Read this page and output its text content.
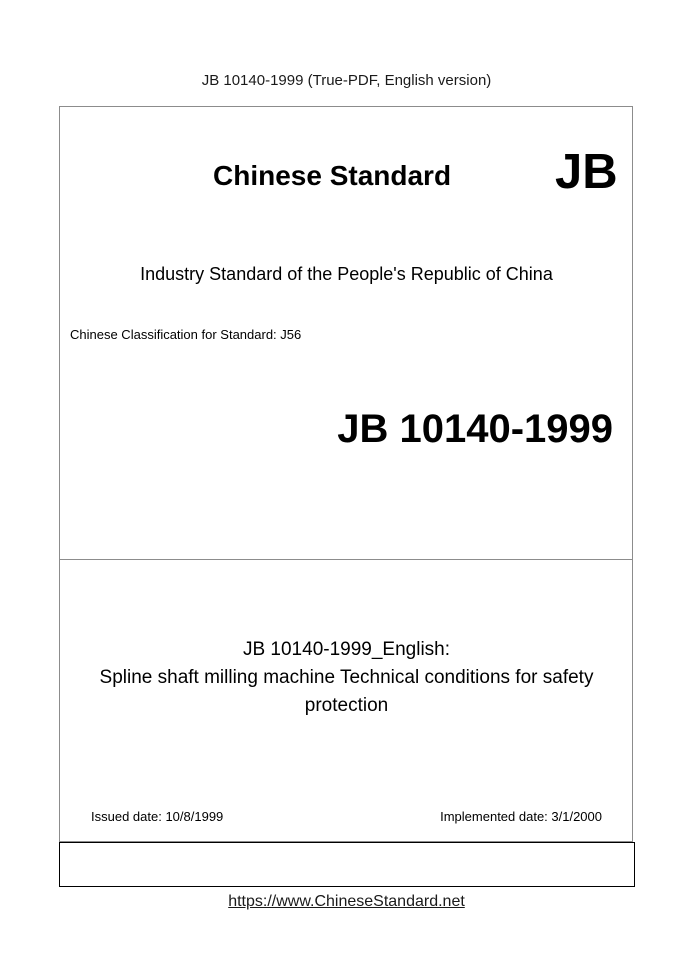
JB 10140-1999 (True-PDF, English version)
Chinese Standard JB
Industry Standard of the People's Republic of China
Chinese Classification for Standard: J56
JB 10140-1999
JB 10140-1999_English:
Spline shaft milling machine Technical conditions for safety
protection
Issued date: 10/8/1999	Implemented date: 3/1/2000
https://www.ChineseStandard.net
